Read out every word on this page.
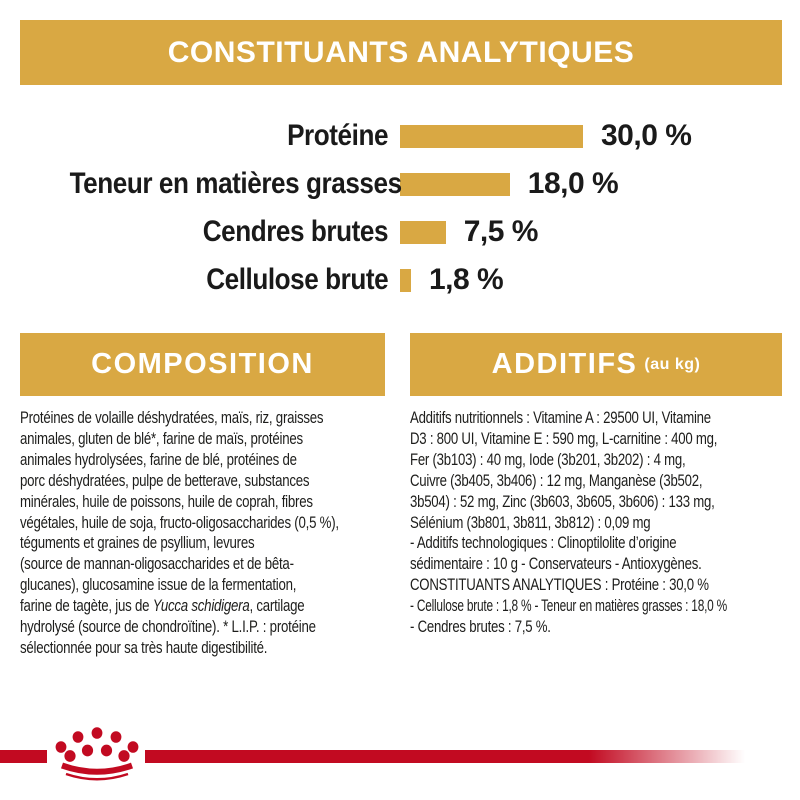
CONSTITUANTS ANALYTIQUES
Protéine	30,0 %
Teneur en matières grasses	18,0 %
Cendres brutes	7,5 %
Cellulose brute 1,8 %
COMPOSITION	ADDITIFS (au kg)
Protéines de volaille déshydratées, maïs, riz, graisses
animales, gluten de blé*, farine de maïs, protéines
animales hydrolysées, farine de blé, protéines de
porc déshydratées, pulpe de betterave, substances
minérales, huile de poissons, huile de coprah, fibres
végétales, huile de soja, fructo-oligosaccharides (0,5 %),
téguments et graines de psyllium, levures
(source de mannan-oligosaccharides et de bêta-
glucanes), glucosamine issue de la fermentation,
farine de tagète, jus de Yucca schidigera, cartilage
hydrolysé (source de chondroïtine). * L.I.P. : protéine
sélectionnée pour sa très haute digestibilité.
Additifs nutritionnels : Vitamine A : 29500 UI, Vitamine
D3 : 800 UI, Vitamine E : 590 mg, L-carnitine : 400 mg,
Fer (3b103) : 40 mg, Iode (3b201, 3b202) : 4 mg,
Cuivre (3b405, 3b406) : 12 mg, Manganèse (3b502,
3b504) : 52 mg, Zinc (3b603, 3b605, 3b606) : 133 mg,
Sélénium (3b801, 3b811, 3b812) : 0,09 mg
- Additifs technologiques : Clinoptilolite d’origine
sédimentaire : 10 g - Conservateurs - Antioxygènes.
CONSTITUANTS ANALYTIQUES : Protéine : 30,0 %
- Cellulose brute : 1,8 % - Teneur en matières grasses : 18,0 %
- Cendres brutes : 7,5 %.
